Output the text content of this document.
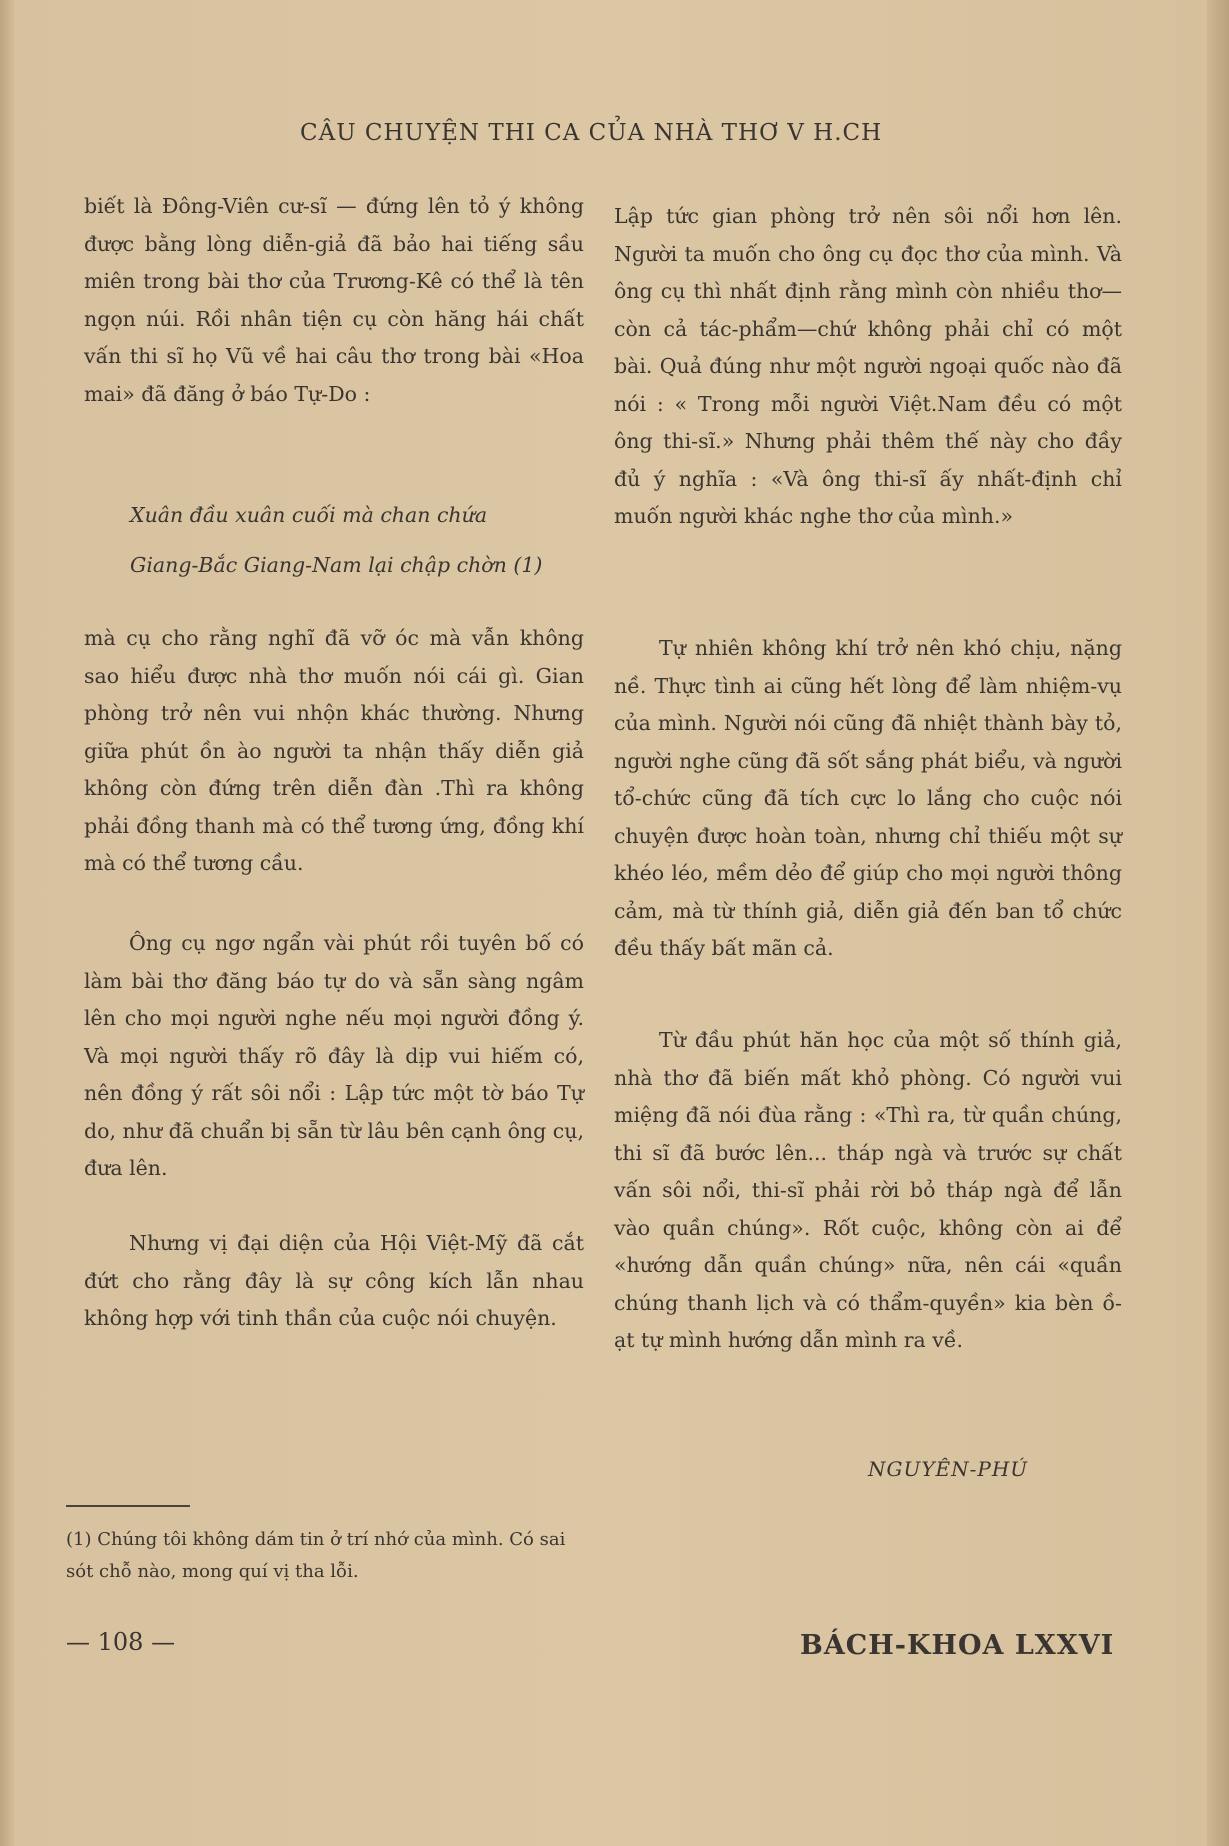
CÂU CHUYỆN THI CA CỦA NHÀ THƠ V H.CH

biết là Đông-Viên cư-sĩ — đứng lên tỏ ý không được bằng lòng diễn-giả đã bảo hai tiếng sầu miên trong bài thơ của Trương-Kê có thể là tên ngọn núi. Rồi nhân tiện cụ còn hăng hái chất vấn thi sĩ họ Vũ về hai câu thơ trong bài «Hoa mai» đã đăng ở báo Tự-Do :

Xuân đầu xuân cuối mà chan chứa

Giang-Bắc Giang-Nam lại chập chờn (1)

mà cụ cho rằng nghĩ đã vỡ óc mà vẫn không sao hiểu được nhà thơ muốn nói cái gì. Gian phòng trở nên vui nhộn khác thường. Nhưng giữa phút ồn ào người ta nhận thấy diễn giả không còn đứng trên diễn đàn .Thì ra không phải đồng thanh mà có thể tương ứng, đồng khí mà có thể tương cầu.

Ông cụ ngơ ngẩn vài phút rồi tuyên bố có làm bài thơ đăng báo tự do và sẵn sàng ngâm lên cho mọi người nghe nếu mọi người đồng ý. Và mọi người thấy rõ đây là dịp vui hiếm có, nên đồng ý rất sôi nổi : Lập tức một tờ báo Tự do, như đã chuẩn bị sẵn từ lâu bên cạnh ông cụ, đưa lên.

Nhưng vị đại diện của Hội Việt-Mỹ đã cắt đứt cho rằng đây là sự công kích lẫn nhau không hợp với tinh thần của cuộc nói chuyện.

Lập tức gian phòng trở nên sôi nổi hơn lên. Người ta muốn cho ông cụ đọc thơ của mình. Và ông cụ thì nhất định rằng mình còn nhiều thơ—còn cả tác-phẩm—chứ không phải chỉ có một bài. Quả đúng như một người ngoại quốc nào đã nói : « Trong mỗi người Việt.Nam đều có một ông thi-sĩ.» Nhưng phải thêm thế này cho đầy đủ ý nghĩa : «Và ông thi-sĩ ấy nhất-định chỉ muốn người khác nghe thơ của mình.»

Tự nhiên không khí trở nên khó chịu, nặng nề. Thực tình ai cũng hết lòng để làm nhiệm-vụ của mình. Người nói cũng đã nhiệt thành bày tỏ, người nghe cũng đã sốt sắng phát biểu, và người tổ-chức cũng đã tích cực lo lắng cho cuộc nói chuyện được hoàn toàn, nhưng chỉ thiếu một sự khéo léo, mềm dẻo để giúp cho mọi người thông cảm, mà từ thính giả, diễn giả đến ban tổ chức đều thấy bất mãn cả.

Từ đầu phút hăn học của một số thính giả, nhà thơ đã biến mất khỏ phòng. Có người vui miệng đã nói đùa rằng : «Thì ra, từ quần chúng, thi sĩ đã bước lên... tháp ngà và trước sự chất vấn sôi nổi, thi-sĩ phải rời bỏ tháp ngà để lẫn vào quần chúng». Rốt cuộc, không còn ai để «hướng dẫn quần chúng» nữa, nên cái «quần chúng thanh lịch và có thẩm-quyền» kia bèn ồ-ạt tự mình hướng dẫn mình ra về.

NGUYÊN-PHÚ
(1) Chúng tôi không dám tin ở trí nhớ của mình. Có sai sót chỗ nào, mong quí vị tha lỗi.
— 108 —	BÁCH-KHOA LXXVI
